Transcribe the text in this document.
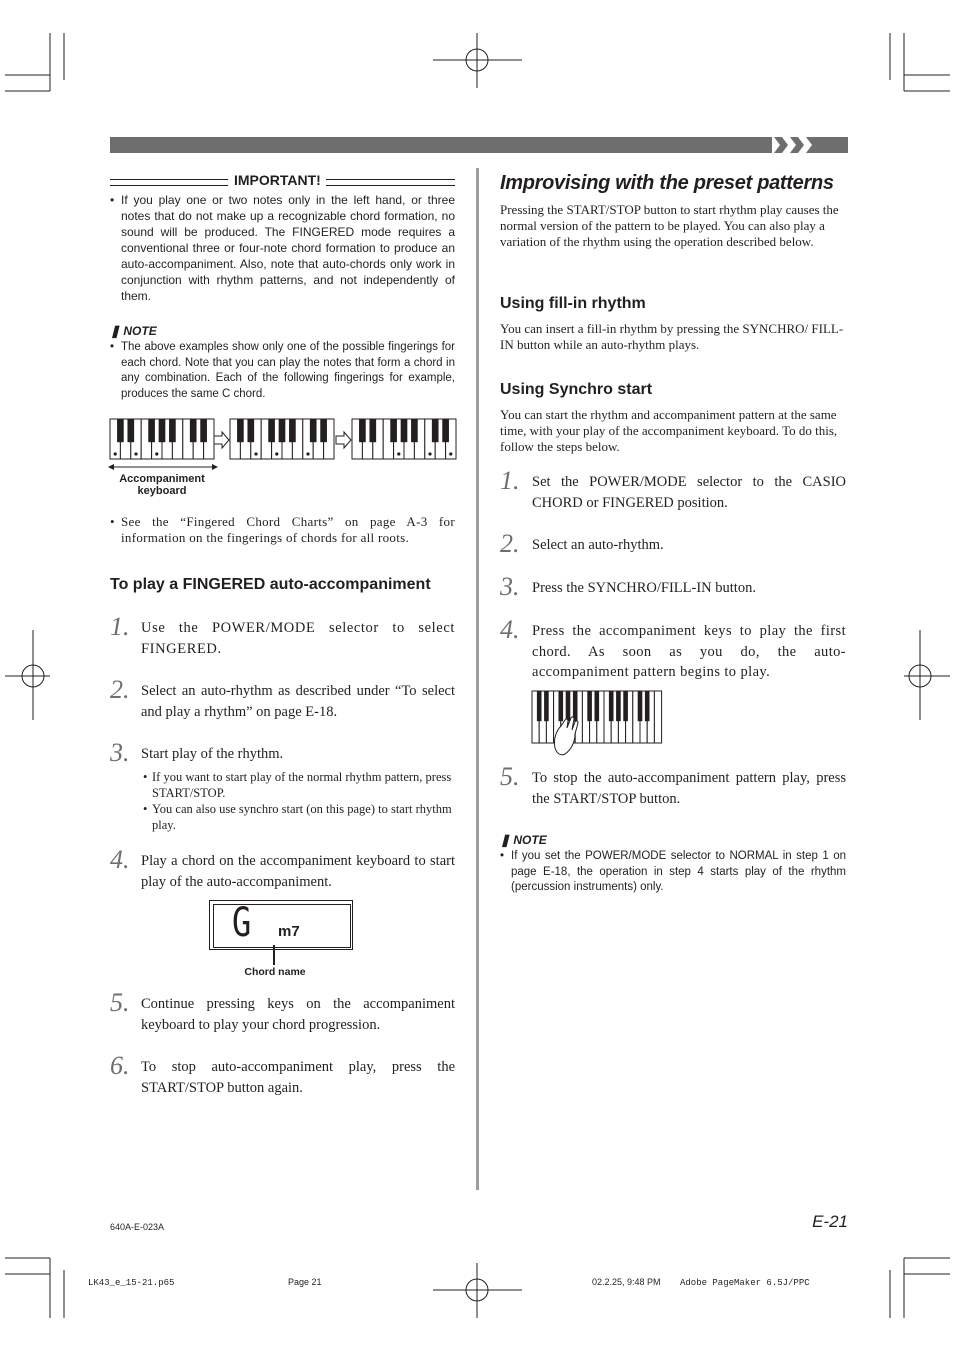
IMPORTANT!
• If you play one or two notes only in the left hand, or three notes that do not make up a recognizable chord formation, no sound will be produced. The FINGERED mode requires a conventional three or four-note chord formation to produce an auto-accompaniment. Also, note that auto-chords only work in conjunction with rhythm patterns, and not independently of them.
❚ NOTE
• The above examples show only one of the possible fingerings for each chord. Note that you can play the notes that form a chord in any combination. Each of the following fingerings for example, produces the same C chord.
Accompaniment
keyboard
• See the “Fingered Chord Charts” on page A-3 for information on the fingerings of chords for all roots.
To play a FINGERED auto-accompaniment
1. Use the POWER/MODE selector to select FINGERED.
2. Select an auto-rhythm as described under “To select and play a rhythm” on page E-18.
3. Start play of the rhythm.
• If you want to start play of the normal rhythm pattern, press START/STOP.
• You can also use synchro start (on this page) to start rhythm play.
4. Play a chord on the accompaniment keyboard to start play of the auto-accompaniment.
G m7
Chord name
5. Continue pressing keys on the accompaniment keyboard to play your chord progression.
6. To stop auto-accompaniment play, press the START/STOP button again.
Improvising with the preset patterns
Pressing the START/STOP button to start rhythm play causes the normal version of the pattern to be played. You can also play a variation of the rhythm using the operation described below.
Using fill-in rhythm
You can insert a fill-in rhythm by pressing the SYNCHRO/ FILL-IN button while an auto-rhythm plays.
Using Synchro start
You can start the rhythm and accompaniment pattern at the same time, with your play of the accompaniment keyboard. To do this, follow the steps below.
1. Set the POWER/MODE selector to the CASIO CHORD or FINGERED position.
2. Select an auto-rhythm.
3. Press the SYNCHRO/FILL-IN button.
4. Press the accompaniment keys to play the first chord. As soon as you do, the auto-accompaniment pattern begins to play.
5. To stop the auto-accompaniment pattern play, press the START/STOP button.
❚ NOTE
• If you set the POWER/MODE selector to NORMAL in step 1 on page E-18, the operation in step 4 starts play of the rhythm (percussion instruments) only.
E-21
640A-E-023A
LK43_e_15-21.p65	Page 21	02.2.25, 9:48 PM Adobe PageMaker 6.5J/PPC
